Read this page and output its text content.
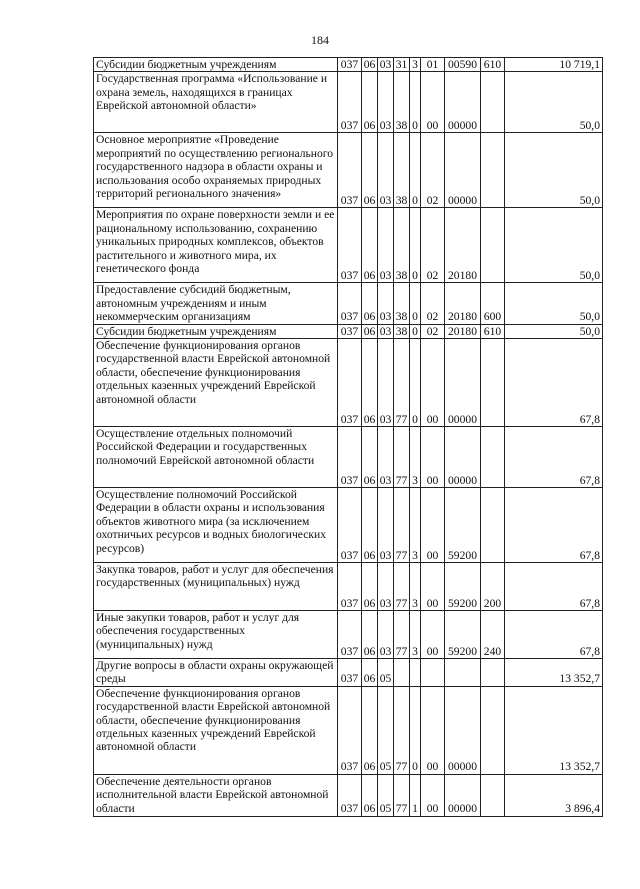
184
Субсидии бюджетным учреждениям	037	06	03	31	3	01	00590	610	10 719,1
Государственная программа «Использование и охрана земель, находящихся в границах Еврейской автономной области»	037	06	03	38	0	00	00000		50,0
Основное мероприятие «Проведение мероприятий по осуществлению регионального государственного надзора в области охраны и использования особо охраняемых природных территорий регионального значения»	037	06	03	38	0	02	00000		50,0
Мероприятия по охране поверхности земли и ее рациональному использованию, сохранению уникальных природных комплексов, объектов растительного и животного мира, их генетического фонда	037	06	03	38	0	02	20180		50,0
Предоставление субсидий бюджетным, автономным учреждениям и иным некоммерческим организациям	037	06	03	38	0	02	20180	600	50,0
Субсидии бюджетным учреждениям	037	06	03	38	0	02	20180	610	50,0
Обеспечение функционирования органов государственной власти Еврейской автономной области, обеспечение функционирования отдельных казенных учреждений Еврейской автономной области	037	06	03	77	0	00	00000		67,8
Осуществление отдельных полномочий Российской Федерации и государственных полномочий Еврейской автономной области	037	06	03	77	3	00	00000		67,8
Осуществление полномочий Российской Федерации в области охраны и использования объектов животного мира (за исключением охотничьих ресурсов и водных биологических ресурсов)	037	06	03	77	3	00	59200		67,8
Закупка товаров, работ и услуг для обеспечения государственных (муниципальных) нужд	037	06	03	77	3	00	59200	200	67,8
Иные закупки товаров, работ и услуг для обеспечения государственных (муниципальных) нужд	037	06	03	77	3	00	59200	240	67,8
Другие вопросы в области охраны окружающей среды	037	06	05						13 352,7
Обеспечение функционирования органов государственной власти Еврейской автономной области, обеспечение функционирования отдельных казенных учреждений Еврейской автономной области	037	06	05	77	0	00	00000		13 352,7
Обеспечение деятельности органов исполнительной власти Еврейской автономной области	037	06	05	77	1	00	00000		3 896,4
